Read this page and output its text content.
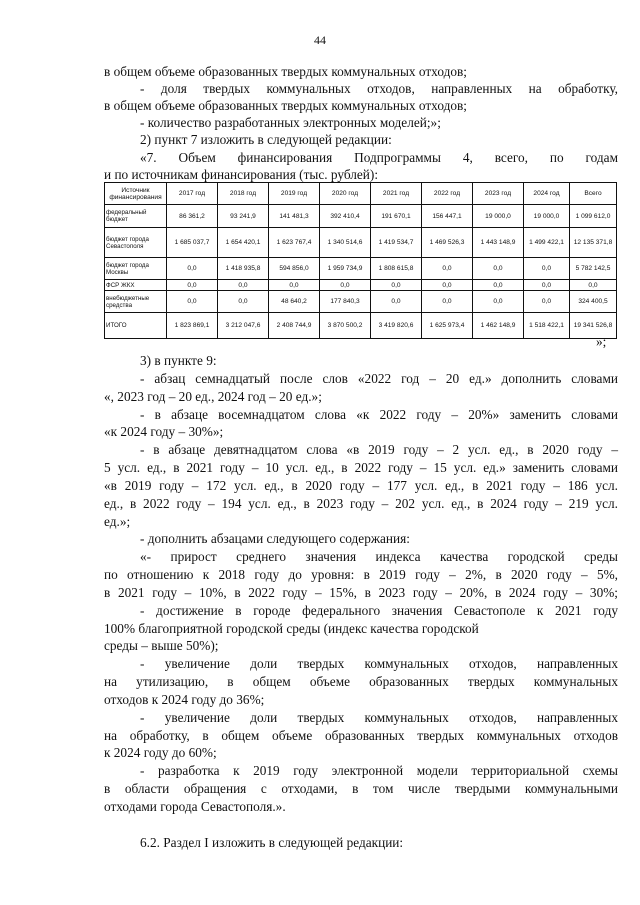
44
в общем объеме образованных твердых коммунальных отходов;
- доля твердых коммунальных отходов, направленных на обработку,
в общем объеме образованных твердых коммунальных отходов;
- количество разработанных электронных моделей;»;
2) пункт 7 изложить в следующей редакции:
«7. Объем финансирования Подпрограммы 4, всего, по годам
и по источникам финансирования (тыс. рублей):
Источник финансирования	2017 год	2018 год	2019 год	2020 год	2021 год	2022 год	2023 год	2024 год	Всего
федеральный бюджет	86 361,2	93 241,9	141 481,3	392 410,4	191 670,1	156 447,1	19 000,0	19 000,0	1 099 612,0
бюджет города Севастополя	1 685 037,7	1 654 420,1	1 623 767,4	1 340 514,6	1 419 534,7	1 469 526,3	1 443 148,9	1 499 422,1	12 135 371,8
бюджет города Москвы	0,0	1 418 935,8	594 856,0	1 959 734,9	1 808 615,8	0,0	0,0	0,0	5 782 142,5
ФСР ЖКХ	0,0	0,0	0,0	0,0	0,0	0,0	0,0	0,0	0,0
внебюджетные средства	0,0	0,0	48 640,2	177 840,3	0,0	0,0	0,0	0,0	324 400,5
ИТОГО	1 823 869,1	3 212 047,6	2 408 744,9	3 870 500,2	3 419 820,6	1 625 973,4	1 462 148,9	1 518 422,1	19 341 526,8
»;
3) в пункте 9:
- абзац семнадцатый после слов «2022 год – 20 ед.» дополнить словами
«, 2023 год – 20 ед., 2024 год – 20 ед.»;
- в абзаце восемнадцатом слова «к 2022 году – 20%» заменить словами
«к 2024 году – 30%»;
- в абзаце девятнадцатом слова «в 2019 году – 2 усл. ед., в 2020 году –
5 усл. ед., в 2021 году – 10 усл. ед., в 2022 году – 15 усл. ед.» заменить словами
«в 2019 году – 172 усл. ед., в 2020 году – 177 усл. ед., в 2021 году – 186 усл.
ед., в 2022 году – 194 усл. ед., в 2023 году – 202 усл. ед., в 2024 году – 219 усл.
ед.»;
- дополнить абзацами следующего содержания:
«- прирост среднего значения индекса качества городской среды
по отношению к 2018 году до уровня: в 2019 году – 2%, в 2020 году – 5%,
в 2021 году – 10%, в 2022 году – 15%, в 2023 году – 20%, в 2024 году – 30%;
- достижение в городе федерального значения Севастополе к 2021 году
100% благоприятной городской среды (индекс качества городской
среды – выше 50%);
- увеличение доли твердых коммунальных отходов, направленных
на утилизацию, в общем объеме образованных твердых коммунальных
отходов к 2024 году до 36%;
- увеличение доли твердых коммунальных отходов, направленных
на обработку, в общем объеме образованных твердых коммунальных отходов
к 2024 году до 60%;
- разработка к 2019 году электронной модели территориальной схемы
в области обращения с отходами, в том числе твердыми коммунальными
отходами города Севастополя.».
6.2. Раздел I изложить в следующей редакции:
